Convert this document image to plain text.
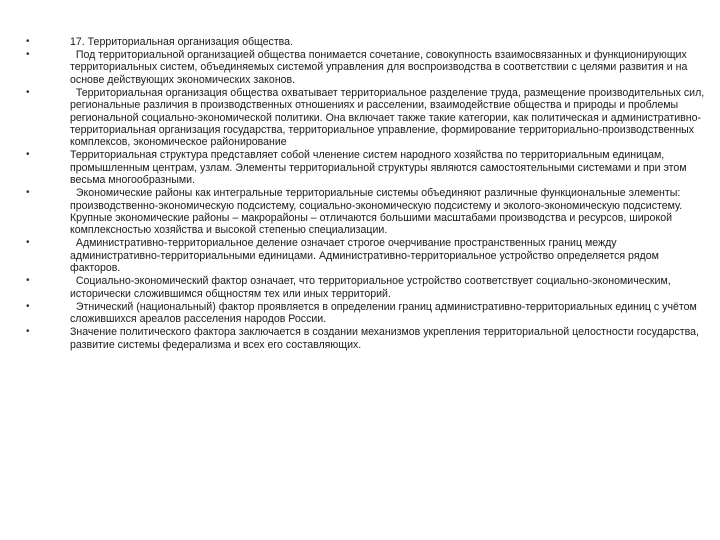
•	17. Территориальная организация общества.
•	Под территориальной организацией общества понимается сочетание, совокупность взаимосвязанных и функционирующих территориальных систем, объединяемых системой управления для воспроизводства в соответствии с целями развития и на основе действующих экономических законов.
•	Территориальная организация общества охватывает территориальное разделение труда, размещение производительных сил, региональные различия в производственных отношениях и расселении, взаимодействие общества и природы и проблемы региональной социально-экономической политики. Она включает также такие категории, как политическая и административно-территориальная организация государства, территориальное управление, формирование территориально-производственных комплексов, экономическое районирование
•	Территориальная структура представляет собой членение систем народного хозяйства по территориальным единицам, промышленным центрам, узлам. Элементы территориальной структуры являются самостоятельными системами и при этом весьма многообразными.
•	Экономические районы как интегральные территориальные системы объединяют различные функциональные элементы: производственно-экономическую подсистему, социально-экономическую подсистему и эколого-экономическую подсистему. Крупные экономические районы – макрорайоны – отличаются большими масштабами производства и ресурсов, широкой комплексностью хозяйства и высокой степенью специализации.
•	Административно-территориальное деление означает строгое очерчивание пространственных границ между административно-территориальными единицами. Административно-территориальное устройство определяется рядом факторов.
•	Социально-экономический фактор означает, что территориальное устройство соответствует социально-экономическим, исторически сложившимся общностям тех или иных территорий.
•	Этнический (национальный) фактор проявляется в определении границ административно-территориальных единиц с учётом сложившихся ареалов расселения народов России.
•	Значение политического фактора заключается в создании механизмов укрепления территориальной целостности государства, развитие системы федерализма и всех его составляющих.
